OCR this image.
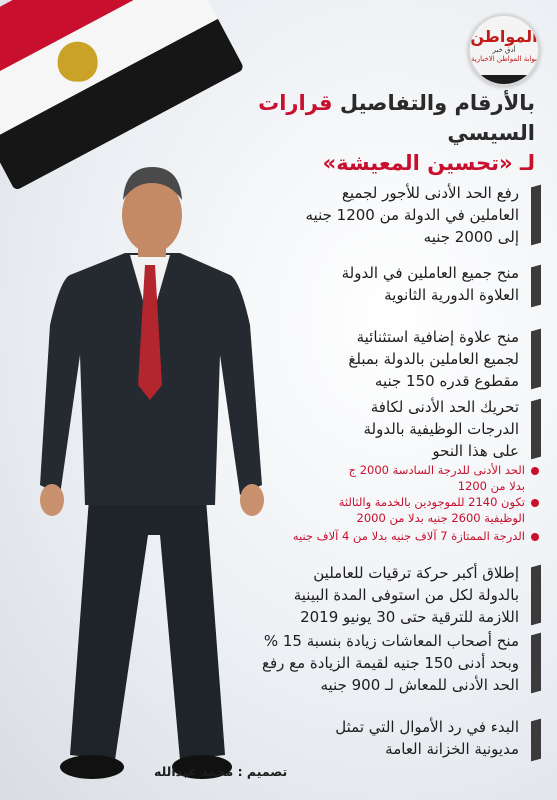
المواطن
أدق خبر
بوابة المواطن الاخبارية
بالأرقام والتفاصيل قرارات السيسي
لـ «تحسين المعيشة»
رفع الحد الأدنى للأجور لجميع
العاملين في الدولة من 1200 جنيه
إلى 2000 جنيه
منح جميع العاملين في الدولة
العلاوة الدورية الثانوية
منح علاوة إضافية استثنائية
لجميع العاملين بالدولة بمبلغ
مقطوع قدره 150 جنيه
تحريك الحد الأدنى لكافة
الدرجات الوظيفية بالدولة
على هذا النحو
الحد الأدنى للدرجة السادسة 2000 ج
بدلا من 1200
تكون 2140 للموجودين بالخدمة والثالثة
الوظيفية 2600 جنيه بدلا من 2000
الدرجة الممتازة 7 آلاف جنيه بدلا من 4 آلاف جنيه
إطلاق أكبر حركة ترقيات للعاملين
بالدولة لكل من استوفى المدة البينية
اللازمة للترقية حتى 30 يونيو 2019
منح أصحاب المعاشات زيادة بنسبة 15 %
وبحد أدنى 150 جنيه لقيمة الزيادة مع رفع
الحد الأدنى للمعاش لـ 900 جنيه
البدء في رد الأموال التي تمثل
مديونية الخزانة العامة
تصميم : محمد عبدالله
